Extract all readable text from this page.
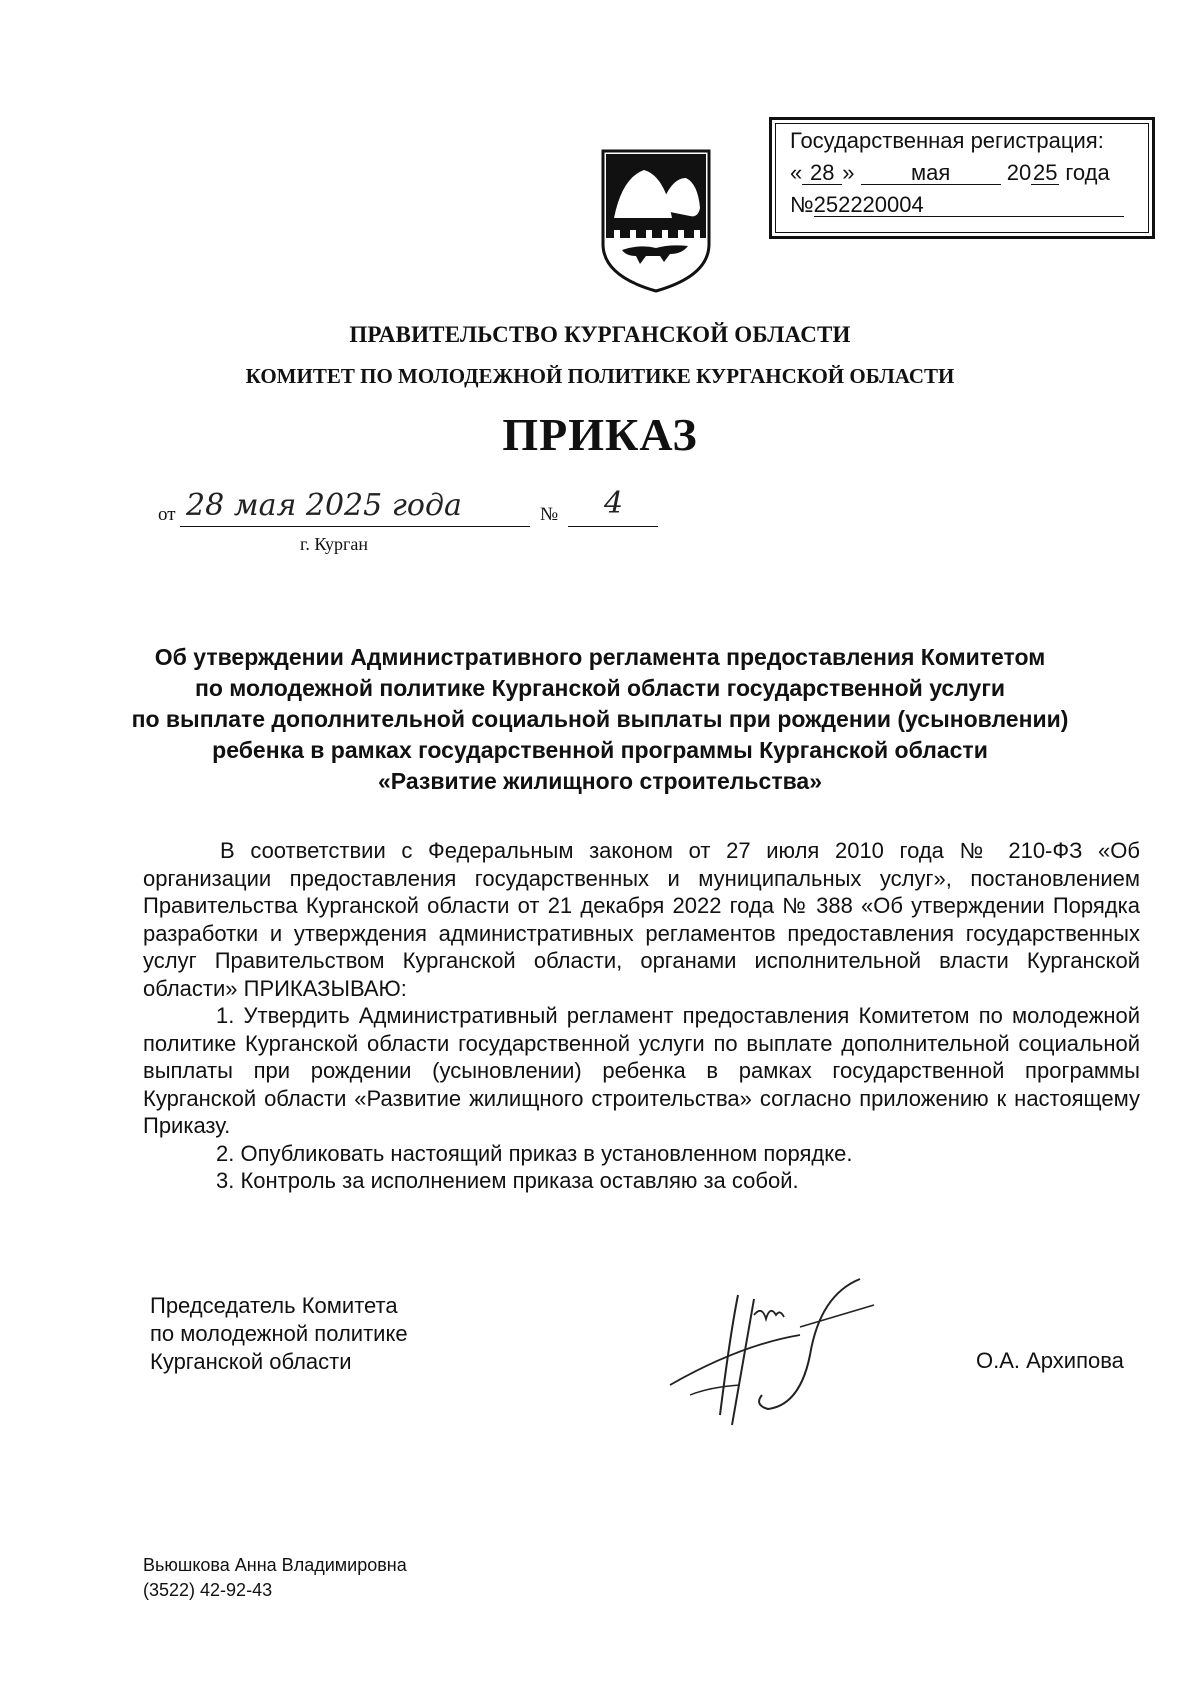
Государственная регистрация:
« 28 » мая	2025 года
№252220004
ПРАВИТЕЛЬСТВО КУРГАНСКОЙ ОБЛАСТИ
КОМИТЕТ ПО МОЛОДЕЖНОЙ ПОЛИТИКЕ КУРГАНСКОЙ ОБЛАСТИ
ПРИКАЗ
от 28 мая 2025 года	№ 4
г. Курган
Об утверждении Административного регламента предоставления Комитетом
по молодежной политике Курганской области государственной услуги
по выплате дополнительной социальной выплаты при рождении (усыновлении)
ребенка в рамках государственной программы Курганской области
«Развитие жилищного строительства»

В соответствии с Федеральным законом от 27 июля 2010 года № 210-ФЗ «Об организации предоставления государственных и муниципальных услуг», постановлением Правительства Курганской области от 21 декабря 2022 года № 388 «Об утверждении Порядка разработки и утверждения административных регламентов предоставления государственных услуг Правительством Курганской области, органами исполнительной власти Курганской области» ПРИКАЗЫВАЮ:

1. Утвердить Административный регламент предоставления Комитетом по молодежной политике Курганской области государственной услуги по выплате дополнительной социальной выплаты при рождении (усыновлении) ребенка в рамках государственной программы Курганской области «Развитие жилищного строительства» согласно приложению к настоящему Приказу.

2. Опубликовать настоящий приказ в установленном порядке.

3. Контроль за исполнением приказа оставляю за собой.

Председатель Комитета
по молодежной политике
Курганской области	О.А. Архипова
Вьюшкова Анна Владимировна
(3522) 42-92-43
